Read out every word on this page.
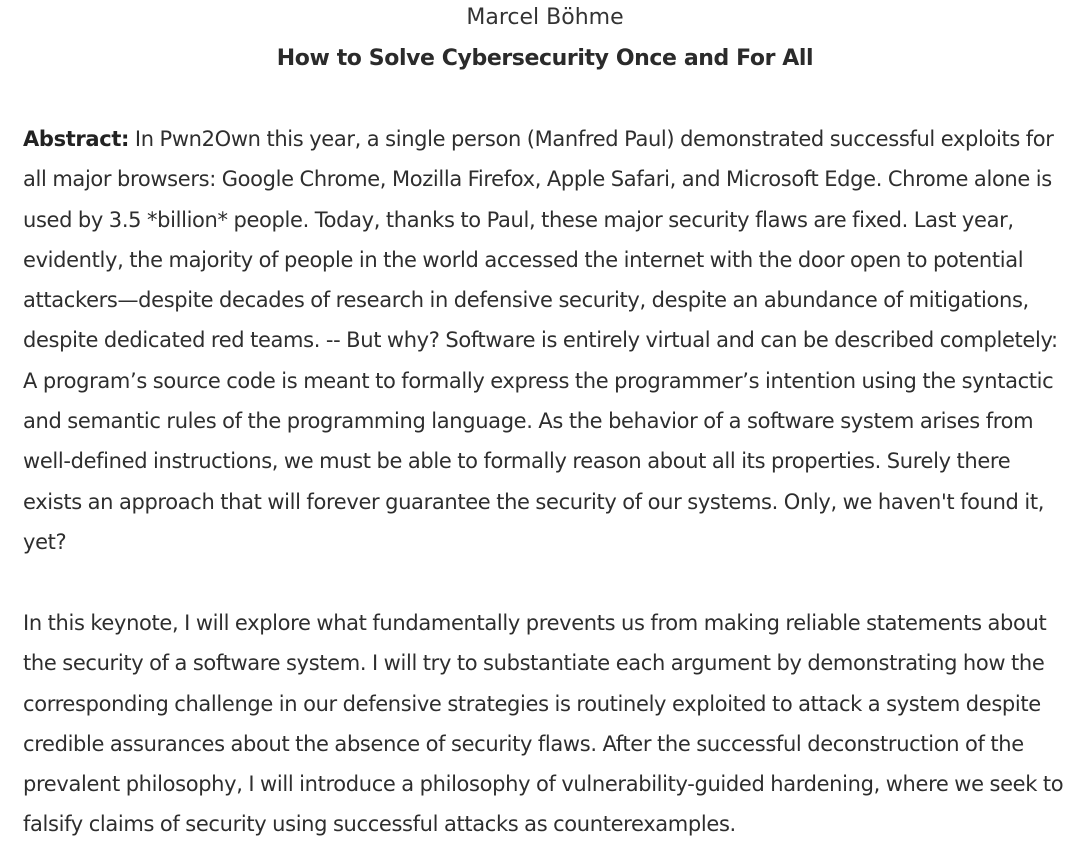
Marcel Böhme
How to Solve Cybersecurity Once and For All

Abstract: In Pwn2Own this year, a single person (Manfred Paul) demonstrated successful exploits for all major browsers: Google Chrome, Mozilla Firefox, Apple Safari, and Microsoft Edge. Chrome alone is used by 3.5 *billion* people. Today, thanks to Paul, these major security flaws are fixed. Last year, evidently, the majority of people in the world accessed the internet with the door open to potential attackers—despite decades of research in defensive security, despite an abundance of mitigations, despite dedicated red teams. -- But why? Software is entirely virtual and can be described completely: A program’s source code is meant to formally express the programmer’s intention using the syntactic and semantic rules of the programming language. As the behavior of a software system arises from well-defined instructions, we must be able to formally reason about all its properties. Surely there exists an approach that will forever guarantee the security of our systems. Only, we haven't found it, yet?

In this keynote, I will explore what fundamentally prevents us from making reliable statements about the security of a software system. I will try to substantiate each argument by demonstrating how the corresponding challenge in our defensive strategies is routinely exploited to attack a system despite credible assurances about the absence of security flaws. After the successful deconstruction of the prevalent philosophy, I will introduce a philosophy of vulnerability-guided hardening, where we seek to falsify claims of security using successful attacks as counterexamples.
